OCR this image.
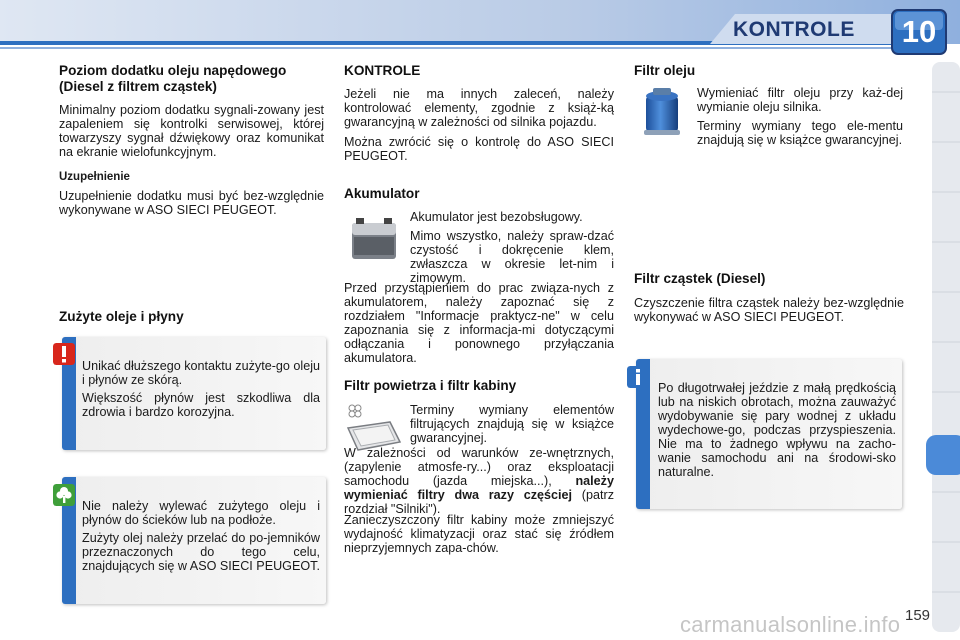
KONTROLE	10
Poziom dodatku oleju napędowego (Diesel z filtrem cząstek)

Minimalny poziom dodatku sygnali-zowany jest zapaleniem się kontrolki serwisowej, której towarzyszy sygnał dźwiękowy oraz komunikat na ekranie wielofunkcyjnym.

Uzupełnienie

Uzupełnienie dodatku musi być bez-względnie wykonywane w ASO SIECI PEUGEOT.

Zużyte oleje i płyny

Unikać dłuższego kontaktu zużyte-go oleju i płynów ze skórą.

Większość płynów jest szkodliwa dla zdrowia i bardzo korozyjna.

Nie należy wylewać zużytego oleju i płynów do ścieków lub na podłoże.

Zużyty olej należy przelać do po-jemników przeznaczonych do tego celu, znajdujących się w ASO SIECI PEUGEOT.

KONTROLE

Jeżeli nie ma innych zaleceń, należy kontrolować elementy, zgodnie z książ-ką gwarancyjną w zależności od silnika pojazdu.

Można zwrócić się o kontrolę do ASO SIECI PEUGEOT.

Akumulator

Akumulator jest bezobsługowy.

Mimo wszystko, należy spraw-dzać czystość i dokręcenie klem, zwłaszcza w okresie let-nim i zimowym.

Przed przystąpieniem do prac związa-nych z akumulatorem, należy zapoznać się z rozdziałem "Informacje praktycz-ne" w celu zapoznania się z informacja-mi dotyczącymi odłączania i ponownego przyłączania akumulatora.

Filtr powietrza i filtr kabiny

Terminy wymiany elementów filtrujących znajdują się w książce gwarancyjnej.

W zależności od warunków ze-wnętrznych, (zapylenie atmosfe-ry...) oraz eksploatacji samochodu (jazda miejska...), należy wymieniać filtry dwa razy częściej (patrz rozdział "Silniki").

Zanieczyszczony filtr kabiny może zmniejszyć wydajność klimatyzacji oraz stać się źródłem nieprzyjemnych zapa-chów.

Filtr oleju

Wymieniać filtr oleju przy każ-dej wymianie oleju silnika.

Terminy wymiany tego ele-mentu znajdują się w książce gwarancyjnej.

Filtr cząstek (Diesel)

Czyszczenie filtra cząstek należy bez-względnie wykonywać w ASO SIECI PEUGEOT.

Po długotrwałej jeździe z małą prędkością lub na niskich obrotach, można zauważyć wydobywanie się pary wodnej z układu wydechowe-go, podczas przyspieszenia. Nie ma to żadnego wpływu na zacho-wanie samochodu ani na środowi-sko naturalne.

carmanualsonline.info 159
